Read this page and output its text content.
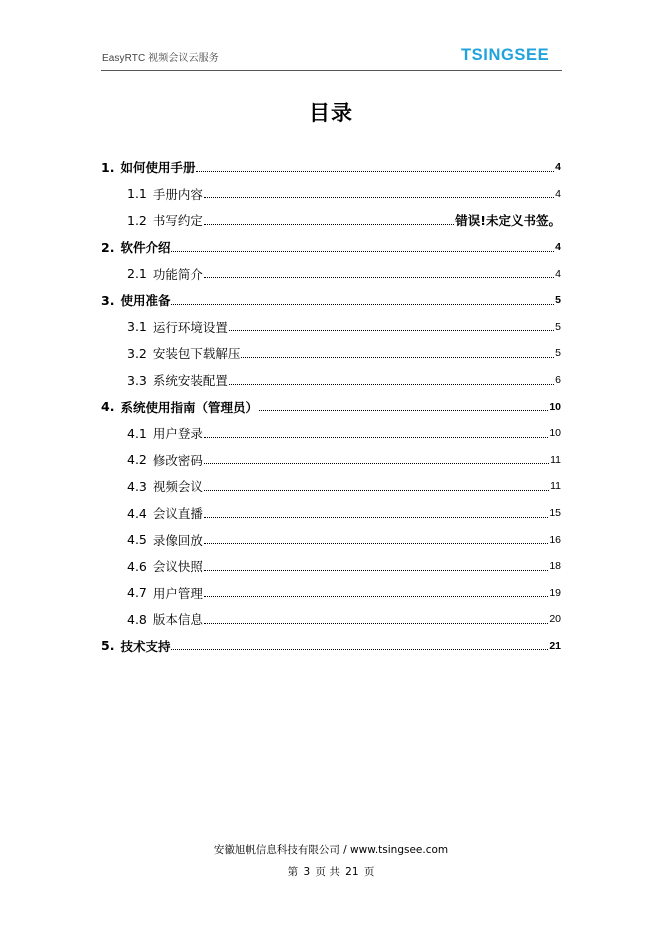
EasyRTC 视频会议云服务	TSINGSEE
目录
1. 如何使用手册	4
1.1 手册内容	4
1.2 书写约定	错误!未定义书签。
2. 软件介绍	4
2.1 功能简介	4
3. 使用准备	5
3.1 运行环境设置	5
3.2 安装包下载解压	5
3.3 系统安装配置	6
4. 系统使用指南（管理员）	10
4.1 用户登录	10
4.2 修改密码	11
4.3 视频会议	11
4.4 会议直播	15
4.5 录像回放	16
4.6 会议快照	18
4.7 用户管理	19
4.8 版本信息	20
5. 技术支持	21
安徽旭帆信息科技有限公司 / www.tsingsee.com
第 3 页 共 21 页
